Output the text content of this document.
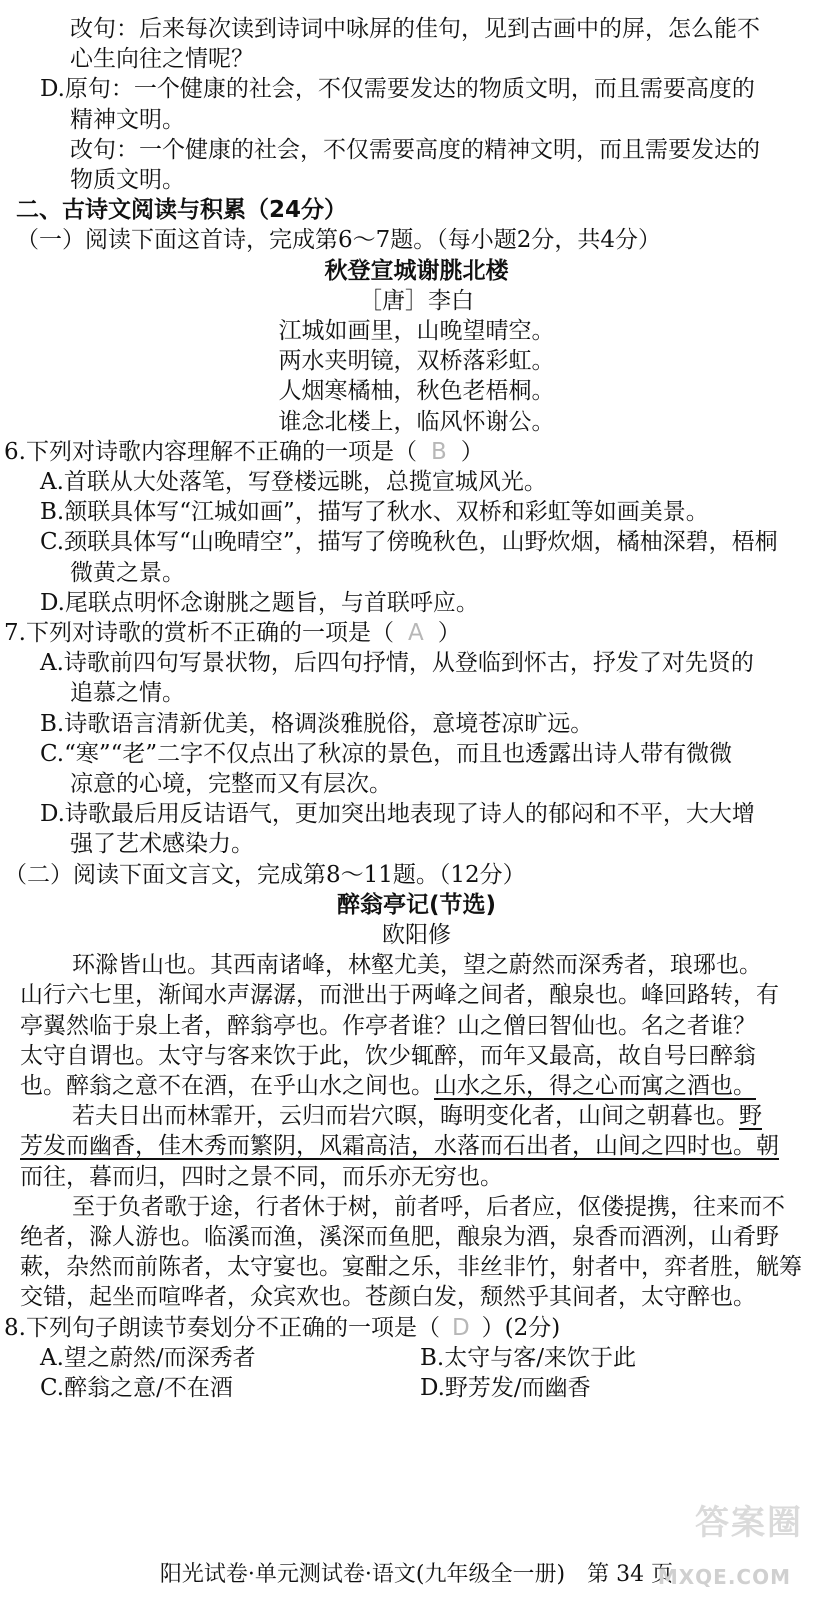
改句：后来每次读到诗词中咏屏的佳句，见到古画中的屏，怎么能不
心生向往之情呢？
D.原句：一个健康的社会，不仅需要发达的物质文明，而且需要高度的
精神文明。
改句：一个健康的社会，不仅需要高度的精神文明，而且需要发达的
物质文明。
二、古诗文阅读与积累（24分）
（一）阅读下面这首诗，完成第6～7题。（每小题2分，共4分）
秋登宣城谢朓北楼
［唐］李白
江城如画里，山晚望晴空。
两水夹明镜，双桥落彩虹。
人烟寒橘柚，秋色老梧桐。
谁念北楼上，临风怀谢公。
6.下列对诗歌内容理解不正确的一项是（ B ）
A.首联从大处落笔，写登楼远眺，总揽宣城风光。
B.颔联具体写“江城如画”，描写了秋水、双桥和彩虹等如画美景。
C.颈联具体写“山晚晴空”，描写了傍晚秋色，山野炊烟，橘柚深碧，梧桐
微黄之景。
D.尾联点明怀念谢朓之题旨，与首联呼应。
7.下列对诗歌的赏析不正确的一项是（ A ）
A.诗歌前四句写景状物，后四句抒情，从登临到怀古，抒发了对先贤的
追慕之情。
B.诗歌语言清新优美，格调淡雅脱俗，意境苍凉旷远。
C.“寒”“老”二字不仅点出了秋凉的景色，而且也透露出诗人带有微微
凉意的心境，完整而又有层次。
D.诗歌最后用反诘语气，更加突出地表现了诗人的郁闷和不平，大大增
强了艺术感染力。
（二）阅读下面文言文，完成第8～11题。（12分）
醉翁亭记(节选)
欧阳修
环滁皆山也。其西南诸峰，林壑尤美，望之蔚然而深秀者，琅琊也。
山行六七里，渐闻水声潺潺，而泄出于两峰之间者，酿泉也。峰回路转，有
亭翼然临于泉上者，醉翁亭也。作亭者谁？山之僧曰智仙也。名之者谁？
太守自谓也。太守与客来饮于此，饮少辄醉，而年又最高，故自号曰醉翁
也。醉翁之意不在酒，在乎山水之间也。山水之乐，得之心而寓之酒也。
若夫日出而林霏开，云归而岩穴暝，晦明变化者，山间之朝暮也。野
芳发而幽香，佳木秀而繁阴，风霜高洁，水落而石出者，山间之四时也。朝
而往，暮而归，四时之景不同，而乐亦无穷也。
至于负者歌于途，行者休于树，前者呼，后者应，伛偻提携，往来而不
绝者，滁人游也。临溪而渔，溪深而鱼肥，酿泉为酒，泉香而酒洌，山肴野
蔌，杂然而前陈者，太守宴也。宴酣之乐，非丝非竹，射者中，弈者胜，觥筹
交错，起坐而喧哗者，众宾欢也。苍颜白发，颓然乎其间者，太守醉也。
8.下列句子朗读节奏划分不正确的一项是（ D ）(2分)
阳光试卷·单元测试卷·语文(九年级全一册)　第 34 页
答案圈
MXQE.COM
A.望之蔚然/而深秀者	B.太守与客/来饮于此
C.醉翁之意/不在酒	D.野芳发/而幽香
